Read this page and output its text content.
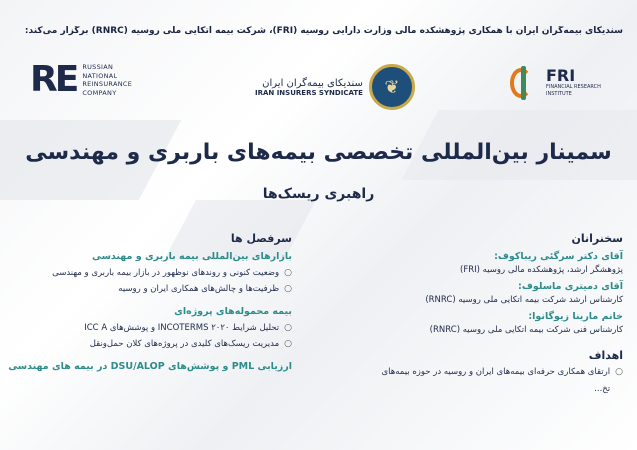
سندیکای بیمه‌گران ایران با همکاری پژوهشکده مالی وزارت دارایی روسیه (FRI)، شرکت بیمه اتکایی ملی روسیه (RNRC) برگزار می‌کند:
RE RUSSIAN
NATIONAL
REINSURANCE
COMPANY	❦
سندیکای بیمه‌گران ایران
IRAN INSURERS SYNDICATE
FRI
FINANCIAL RESEARCH
INSTITUTE
سمینار بین‌المللی تخصصی بیمه‌های باربری و مهندسی
راهبری ریسک‌ها
سخنرانان
آقای دکتر سرگئی ریباکوف:
پژوهشگر ارشد، پژوهشکده مالی روسیه (FRI)
آقای دمیتری ماسلوف:
کارشناس ارشد شرکت بیمه اتکایی ملی روسیه (RNRC)
خانم مارینا زیوگانوا:
کارشناس فنی شرکت بیمه اتکایی ملی روسیه (RNRC)
اهداف
○
ارتقای همکاری حرفه‌ای بیمه‌های ایران و روسیه در حوزه بیمه‌های
تخ...
سرفصل ها
بازارهای بین‌المللی بیمه باربری و مهندسی
○
وضعیت کنونی و روندهای نوظهور در بازار بیمه باربری و مهندسی
○
ظرفیت‌ها و چالش‌های همکاری ایران و روسیه
بیمه محموله‌های پروژه‌ای
○
تحلیل شرایط INCOTERMS ۲۰۲۰ و پوشش‌های ICC A
○
مدیریت ریسک‌های کلیدی در پروژه‌های کلان حمل‌ونقل
ارزیابی PML و پوشش‌های DSU/ALOP در بیمه های مهندسی
